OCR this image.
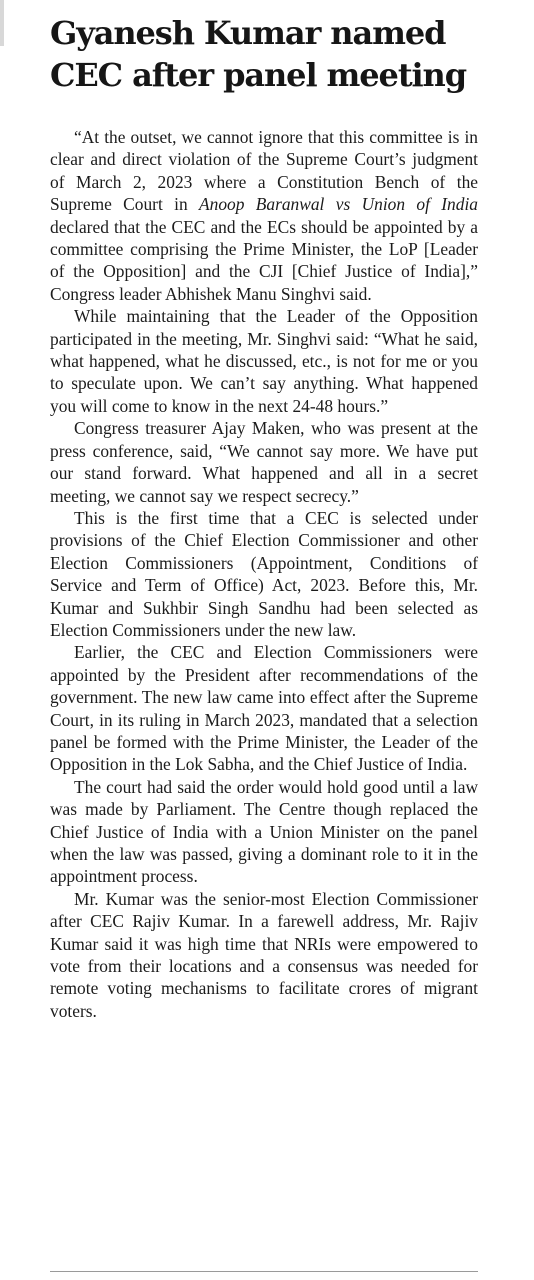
Gyanesh Kumar named
CEC after panel meeting

“At the outset, we cannot ignore that this committee is in clear and direct violation of the Supreme Court’s judgment of March 2, 2023 where a Constitution Bench of the Supreme Court in Anoop Baranwal vs Union of India declared that the CEC and the ECs should be appointed by a committee comprising the Prime Minister, the LoP [Leader of the Opposition] and the CJI [Chief Justice of India],” Congress leader Abhishek Manu Singhvi said.

While maintaining that the Leader of the Opposition participated in the meeting, Mr. Singhvi said: “What he said, what happened, what he discussed, etc., is not for me or you to speculate upon. We can’t say anything. What happened you will come to know in the next 24-48 hours.”

Congress treasurer Ajay Maken, who was present at the press conference, said, “We cannot say more. We have put our stand forward. What happened and all in a secret meeting, we cannot say we respect secrecy.”

This is the first time that a CEC is selected under provisions of the Chief Election Commissioner and other Election Commissioners (Appointment, Conditions of Service and Term of Office) Act, 2023. Before this, Mr. Kumar and Sukhbir Singh Sandhu had been selected as Election Commissioners under the new law.

Earlier, the CEC and Election Commissioners were appointed by the President after recommendations of the government. The new law came into effect after the Supreme Court, in its ruling in March 2023, mandated that a selection panel be formed with the Prime Minister, the Leader of the Opposition in the Lok Sabha, and the Chief Justice of India.

The court had said the order would hold good until a law was made by Parliament. The Centre though replaced the Chief Justice of India with a Union Minister on the panel when the law was passed, giving a dominant role to it in the appointment process.

Mr. Kumar was the senior-most Election Commissioner after CEC Rajiv Kumar. In a farewell address, Mr. Rajiv Kumar said it was high time that NRIs were empowered to vote from their locations and a consensus was needed for remote voting mechanisms to facilitate crores of migrant voters.
